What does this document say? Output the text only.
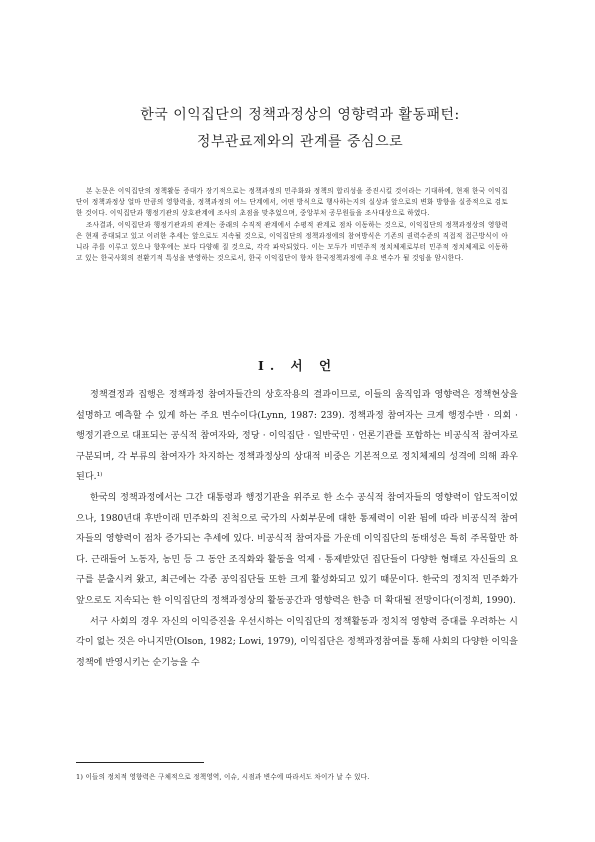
한국 이익집단의 정책과정상의 영향력과 활동패턴:
정부관료제와의 관계를 중심으로

본 논문은 이익집단의 정책활동 증대가 장기적으로는 정책과정의 민주화와 정책의 합리성을 증진시킬 것이라는 기대하에, 현재 한국 이익집단이 정책과정상 얼마 만큼의 영향력을, 정책과정의 어느 단계에서, 어떤 방식으로 행사하는지의 실상과 앞으로의 변화 방향을 실증적으로 검토한 것이다. 이익집단과 행정기관의 상호관계에 조사의 초점을 맞추었으며, 중앙부처 공무원들을 조사대상으로 하였다.

조사결과, 이익집단과 행정기관과의 관계는 종래의 수직적 관계에서 수평적 관계로 점차 이동하는 것으로, 이익집단의 정책과정상의 영향력은 현재 증대되고 있고 이러한 추세는 앞으로도 지속될 것으로, 이익집단의 정책과정에의 참여방식은 기존의 권력수준의 직접적 접근방식이 아니라 주를 이루고 있으나 향후에는 보다 다양해 질 것으로, 각각 파악되었다. 이는 모두가 비민주적 정치체제로부터 민주적 정치체제로 이동하고 있는 한국사회의 전환기적 특성을 반영하는 것으로서, 한국 이익집단이 향차 한국정책과정에 주요 변수가 될 것임을 암시한다.

Ⅰ. 서 언

정책결정과 집행은 정책과정 참여자들간의 상호작용의 결과이므로, 이들의 움직임과 영향력은 정책현상을 설명하고 예측할 수 있게 하는 주요 변수이다(Lynn, 1987: 239). 정책과정 참여자는 크게 행정수반 · 의회 · 행정기관으로 대표되는 공식적 참여자와, 정당 · 이익집단 · 일반국민 · 언론기관를 포함하는 비공식적 참여자로 구분되며, 각 부류의 참여자가 차지하는 정책과정상의 상대적 비중은 기본적으로 정치체제의 성격에 의해 좌우된다.¹⁾

한국의 정책과정에서는 그간 대통령과 행정기관을 위주로 한 소수 공식적 참여자들의 영향력이 압도적이었으나, 1980년대 후반이래 민주화의 진척으로 국가의 사회부문에 대한 통제력이 이완 됨에 따라 비공식적 참여자들의 영향력이 점차 증가되는 추세에 있다. 비공식적 참여자를 가운데 이익집단의 동태성은 특히 주목할만 하다. 근래들어 노동자, 농민 등 그 동안 조직화와 활동을 억제 · 통제받았던 집단들이 다양한 형태로 자신들의 요구를 분출시켜 왔고, 최근에는 각종 공익집단들 또한 크게 활성화되고 있기 때문이다. 한국의 정치적 민주화가 앞으로도 지속되는 한 이익집단의 정책과정상의 활동공간과 영향력은 한층 더 확대될 전망이다(이정희, 1990).

서구 사회의 경우 자신의 이익증진을 우선시하는 이익집단의 정책활동과 정치적 영향력 증대를 우려하는 시각이 없는 것은 아니지만(Olson, 1982; Lowi, 1979), 이익집단은 정책과정참여를 통해 사회의 다양한 이익을 정책에 반영시키는 순기능을 수

1) 이들의 정치적 영향력은 구체적으로 정책영역, 이슈, 시점과 변수에 따라서도 차이가 날 수 있다.
